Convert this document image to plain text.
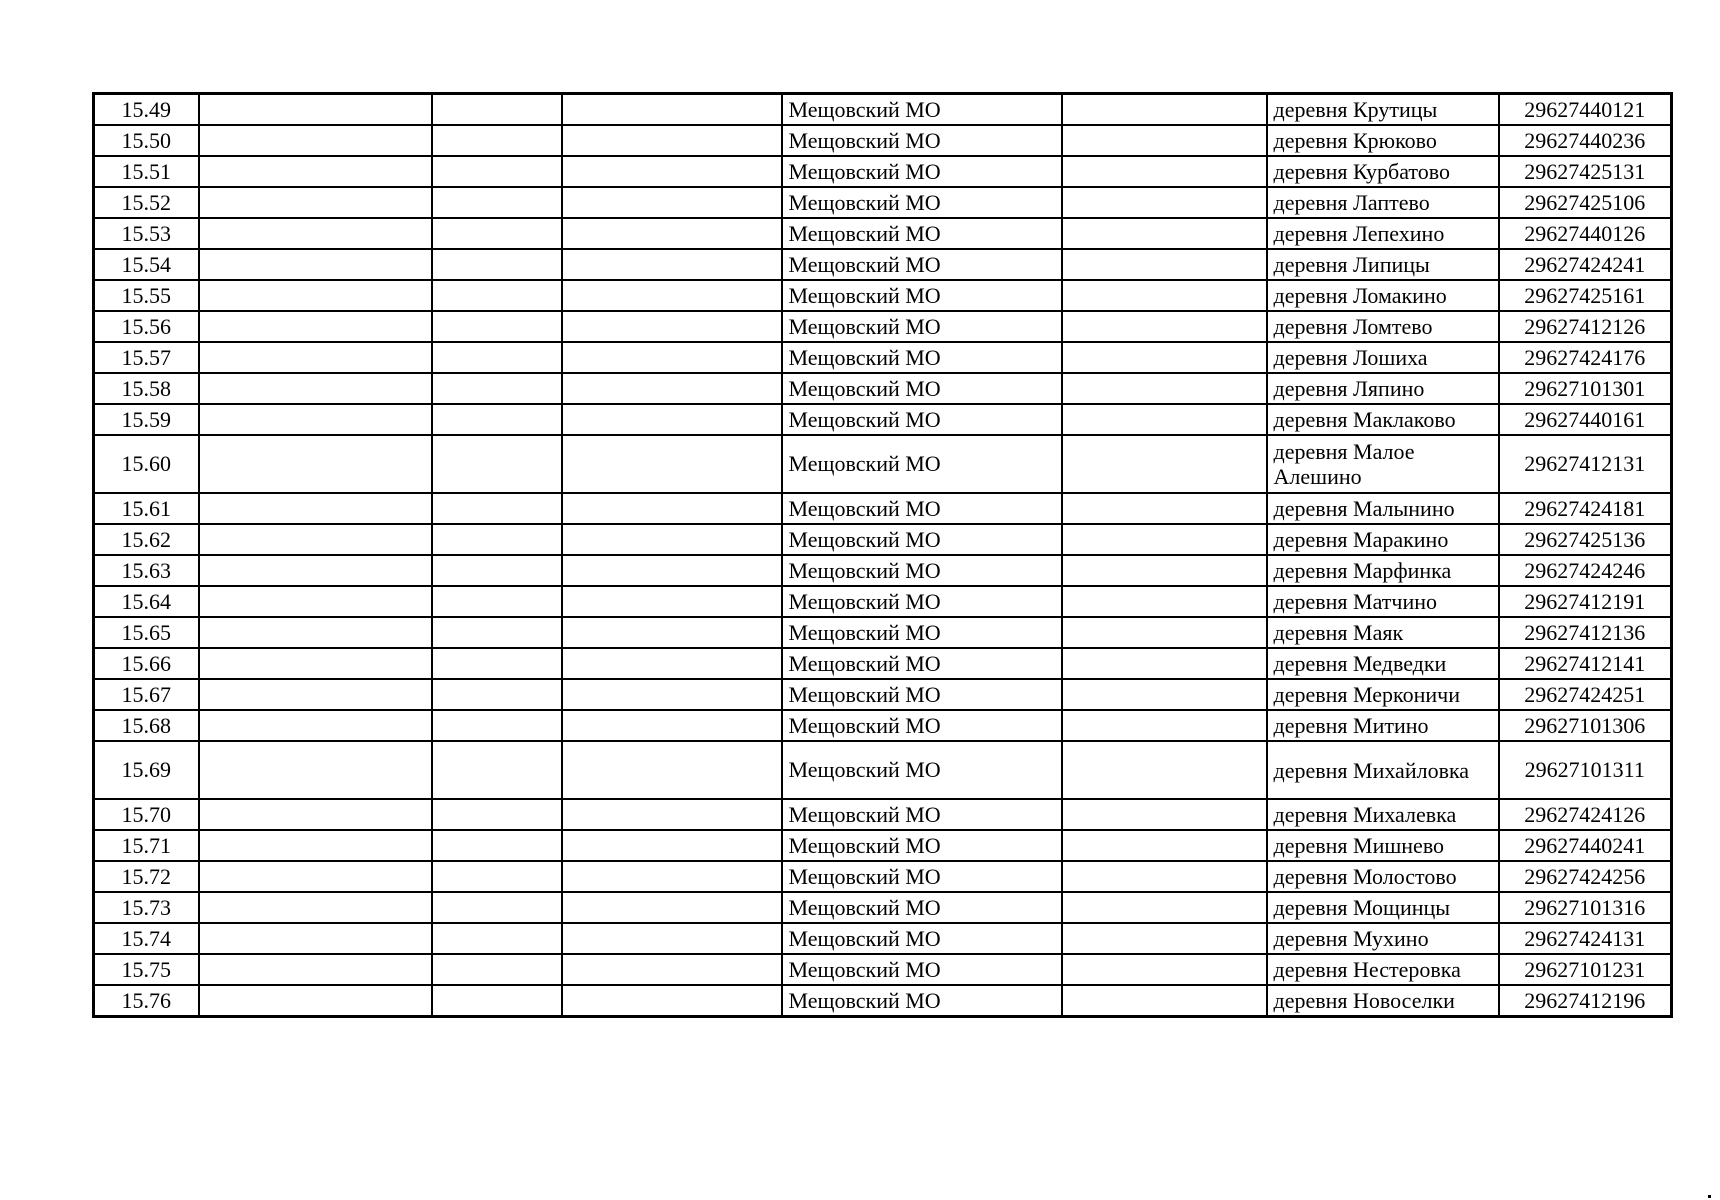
15.49				Мещовский МО		деревня Крутицы	29627440121
15.50				Мещовский МО		деревня Крюково	29627440236
15.51				Мещовский МО		деревня Курбатово	29627425131
15.52				Мещовский МО		деревня Лаптево	29627425106
15.53				Мещовский МО		деревня Лепехино	29627440126
15.54				Мещовский МО		деревня Липицы	29627424241
15.55				Мещовский МО		деревня Ломакино	29627425161
15.56				Мещовский МО		деревня Ломтево	29627412126
15.57				Мещовский МО		деревня Лошиха	29627424176
15.58				Мещовский МО		деревня Ляпино	29627101301
15.59				Мещовский МО		деревня Маклаково	29627440161
15.60				Мещовский МО		деревня Малое Алешино	29627412131
15.61				Мещовский МО		деревня Малынино	29627424181
15.62				Мещовский МО		деревня Маракино	29627425136
15.63				Мещовский МО		деревня Марфинка	29627424246
15.64				Мещовский МО		деревня Матчино	29627412191
15.65				Мещовский МО		деревня Маяк	29627412136
15.66				Мещовский МО		деревня Медведки	29627412141
15.67				Мещовский МО		деревня Мерконичи	29627424251
15.68				Мещовский МО		деревня Митино	29627101306
15.69				Мещовский МО		деревня Михайловка	29627101311
15.70				Мещовский МО		деревня Михалевка	29627424126
15.71				Мещовский МО		деревня Мишнево	29627440241
15.72				Мещовский МО		деревня Молостово	29627424256
15.73				Мещовский МО		деревня Мощинцы	29627101316
15.74				Мещовский МО		деревня Мухино	29627424131
15.75				Мещовский МО		деревня Нестеровка	29627101231
15.76				Мещовский МО		деревня Новоселки	29627412196
